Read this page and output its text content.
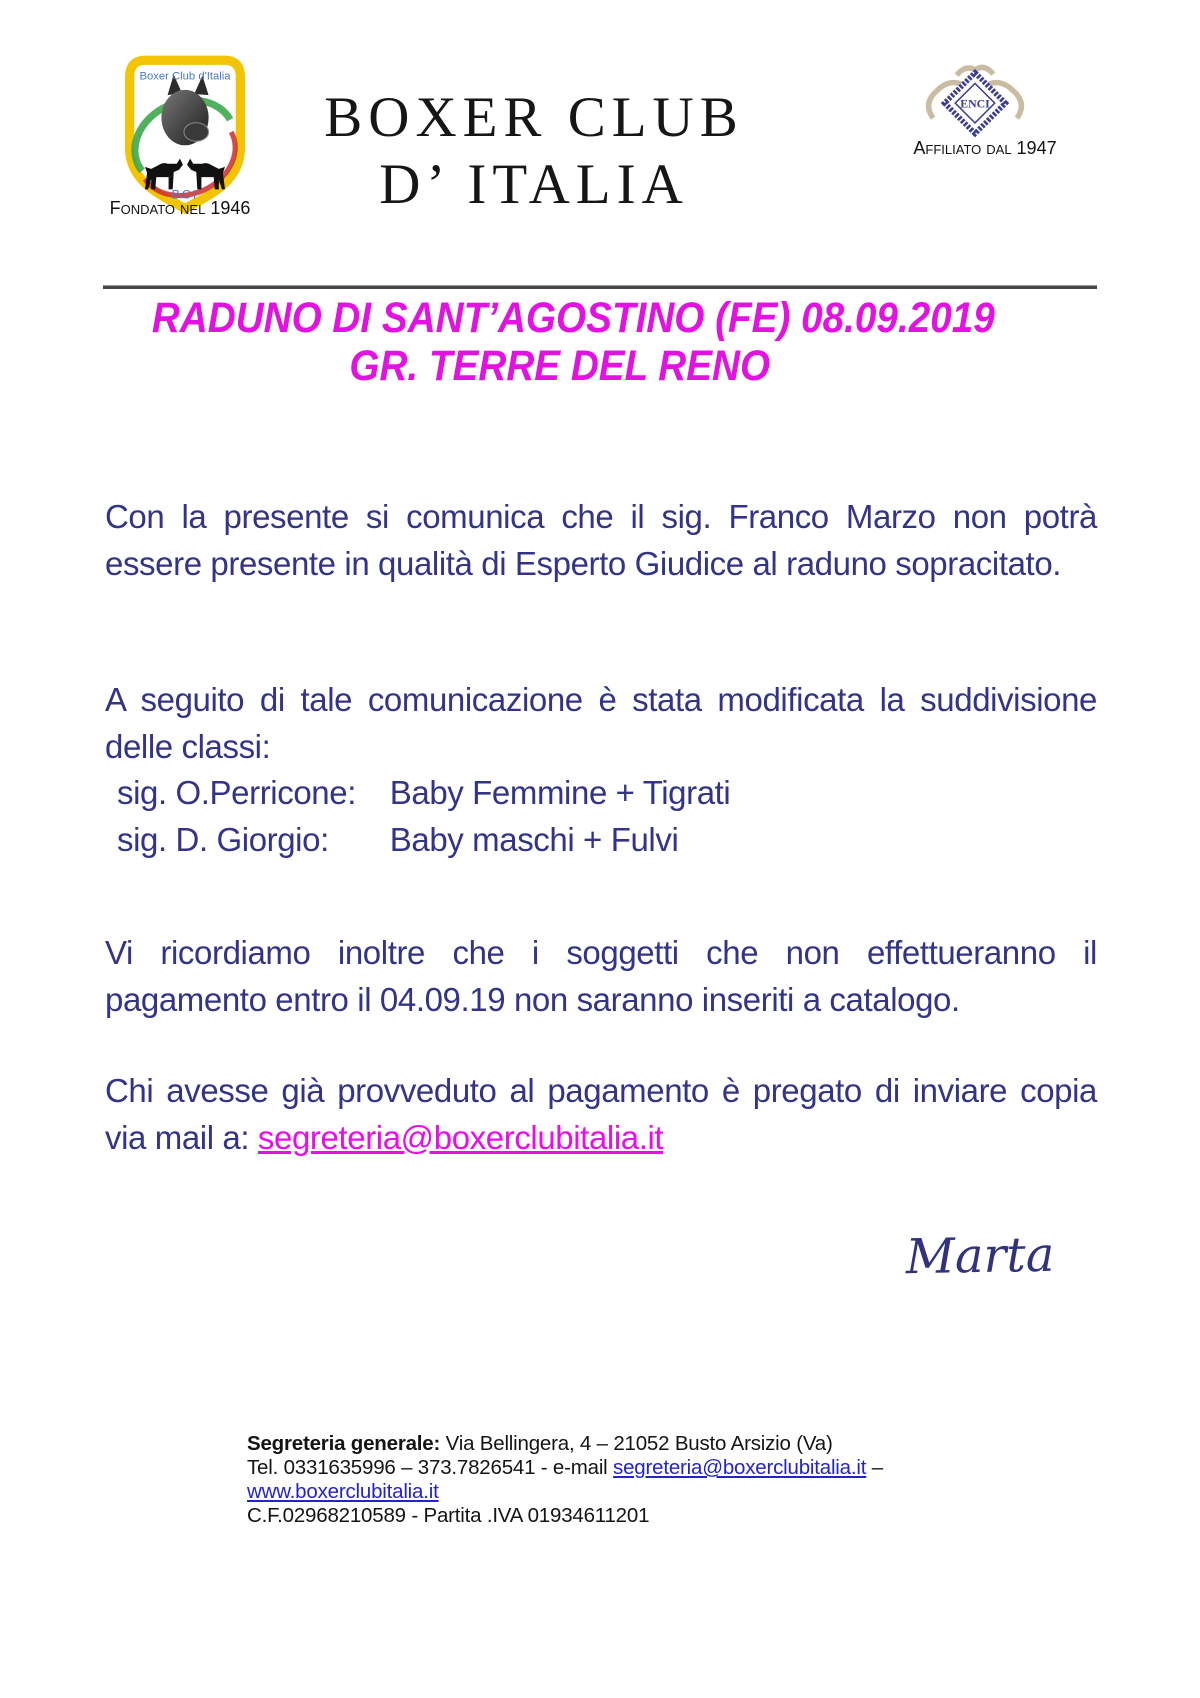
Boxer Club d'Italia
BCI
Fondato nel 1946
BOXER CLUB
D’ ITALIA
ENCI
Affiliato dal 1947
RADUNO DI SANT’AGOSTINO (FE) 08.09.2019
GR. TERRE DEL RENO

Con la presente si comunica che il sig. Franco Marzo non potrà essere presente in qualità di Esperto Giudice al raduno sopracitato.

A seguito di tale comunicazione è stata modificata la suddivisione delle classi:

sig. O.Perricone: Baby Femmine + Tigrati
sig. D. Giorgio: Baby maschi + Fulvi

Vi ricordiamo inoltre che i soggetti che non effettueranno il pagamento entro il 04.09.19 non saranno inseriti a catalogo.

Chi avesse già provveduto al pagamento è pregato di inviare copia via mail a: segreteria@boxerclubitalia.it

Marta
Segreteria generale: Via Bellingera, 4 – 21052 Busto Arsizio (Va)
Tel. 0331635996 – 373.7826541 - e-mail segreteria@boxerclubitalia.it – www.boxerclubitalia.it
C.F.02968210589 - Partita .IVA 01934611201
